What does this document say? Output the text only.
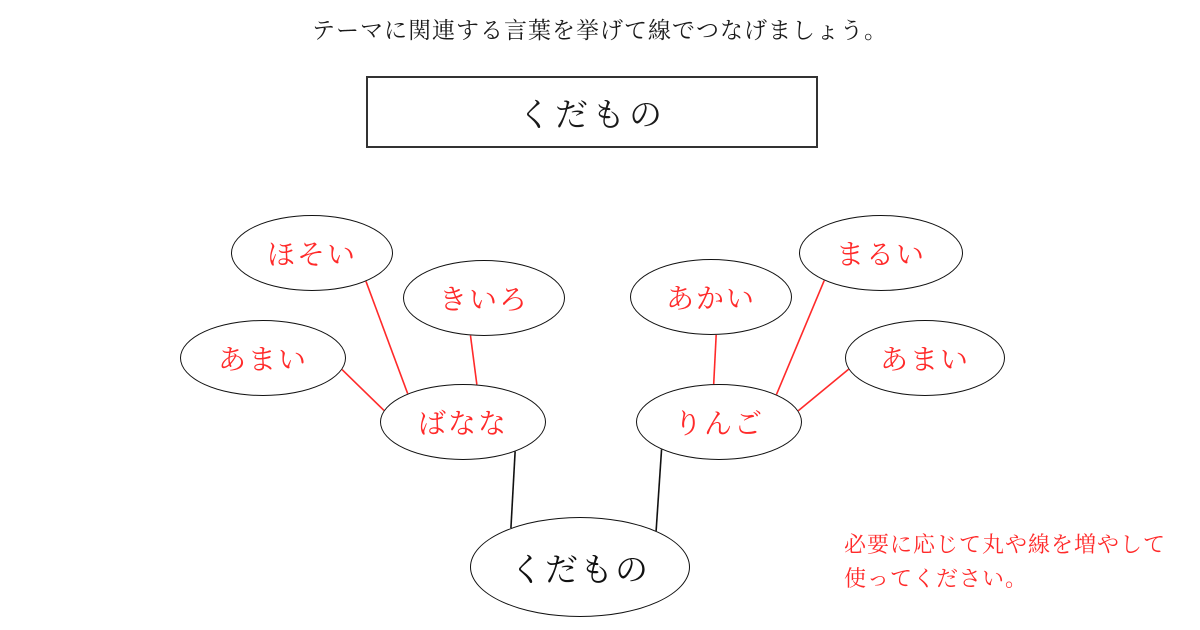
テーマに関連する言葉を挙げて線でつなげましょう。
くだもの
くだもの
ばなな	りんご
ほそい
きいろ
あまい
あかい
まるい
あまい
必要に応じて丸や線を増やして使ってください。
